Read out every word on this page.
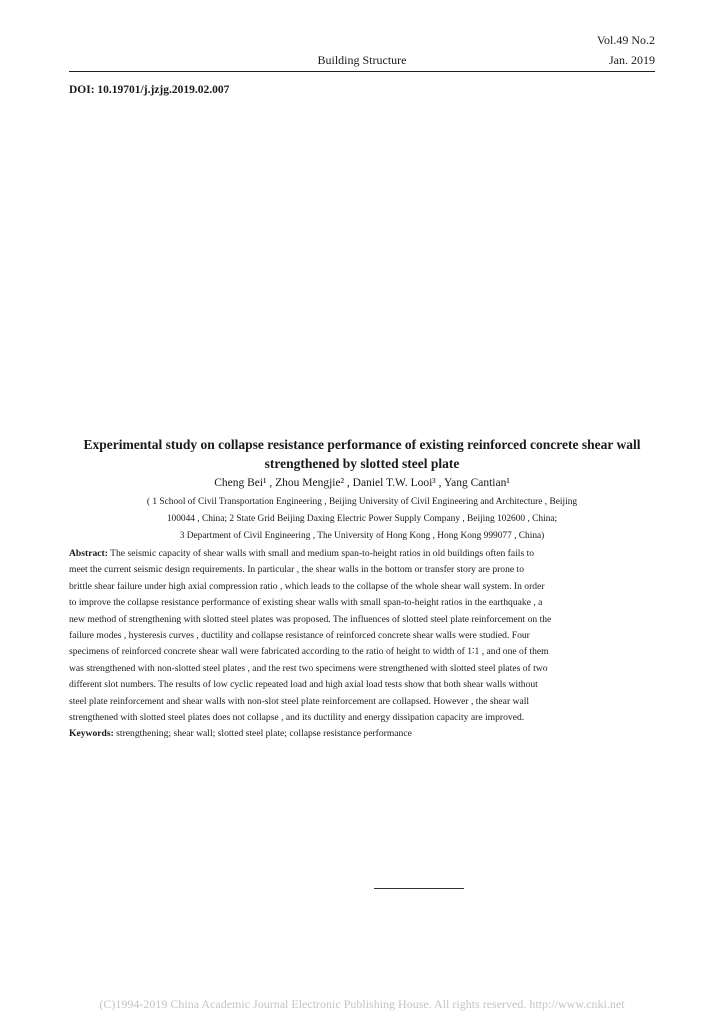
Vol.49 No.2
Building Structure	Jan. 2019
DOI: 10.19701/j.jzjg.2019.02.007
Experimental study on collapse resistance performance of existing reinforced concrete shear wall
strengthened by slotted steel plate
Cheng Bei¹ , Zhou Mengjie² , Daniel T.W. Looi³ , Yang Cantian¹
( 1 School of Civil Transportation Engineering , Beijing University of Civil Engineering and Architecture , Beijing
100044 , China; 2 State Grid Beijing Daxing Electric Power Supply Company , Beijing 102600 , China;
3 Department of Civil Engineering , The University of Hong Kong , Hong Kong 999077 , China)
Abstract: The seismic capacity of shear walls with small and medium span-to-height ratios in old buildings often fails to
meet the current seismic design requirements. In particular , the shear walls in the bottom or transfer story are prone to
brittle shear failure under high axial compression ratio , which leads to the collapse of the whole shear wall system. In order
to improve the collapse resistance performance of existing shear walls with small span-to-height ratios in the earthquake , a
new method of strengthening with slotted steel plates was proposed. The influences of slotted steel plate reinforcement on the
failure modes , hysteresis curves , ductility and collapse resistance of reinforced concrete shear walls were studied. Four
specimens of reinforced concrete shear wall were fabricated according to the ratio of height to width of 1∶1 , and one of them
was strengthened with non-slotted steel plates , and the rest two specimens were strengthened with slotted steel plates of two
different slot numbers. The results of low cyclic repeated load and high axial load tests show that both shear walls without
steel plate reinforcement and shear walls with non-slot steel plate reinforcement are collapsed. However , the shear wall
strengthened with slotted steel plates does not collapse , and its ductility and energy dissipation capacity are improved.
Keywords: strengthening; shear wall; slotted steel plate; collapse resistance performance
(C)1994-2019 China Academic Journal Electronic Publishing House. All rights reserved. http://www.cnki.net
